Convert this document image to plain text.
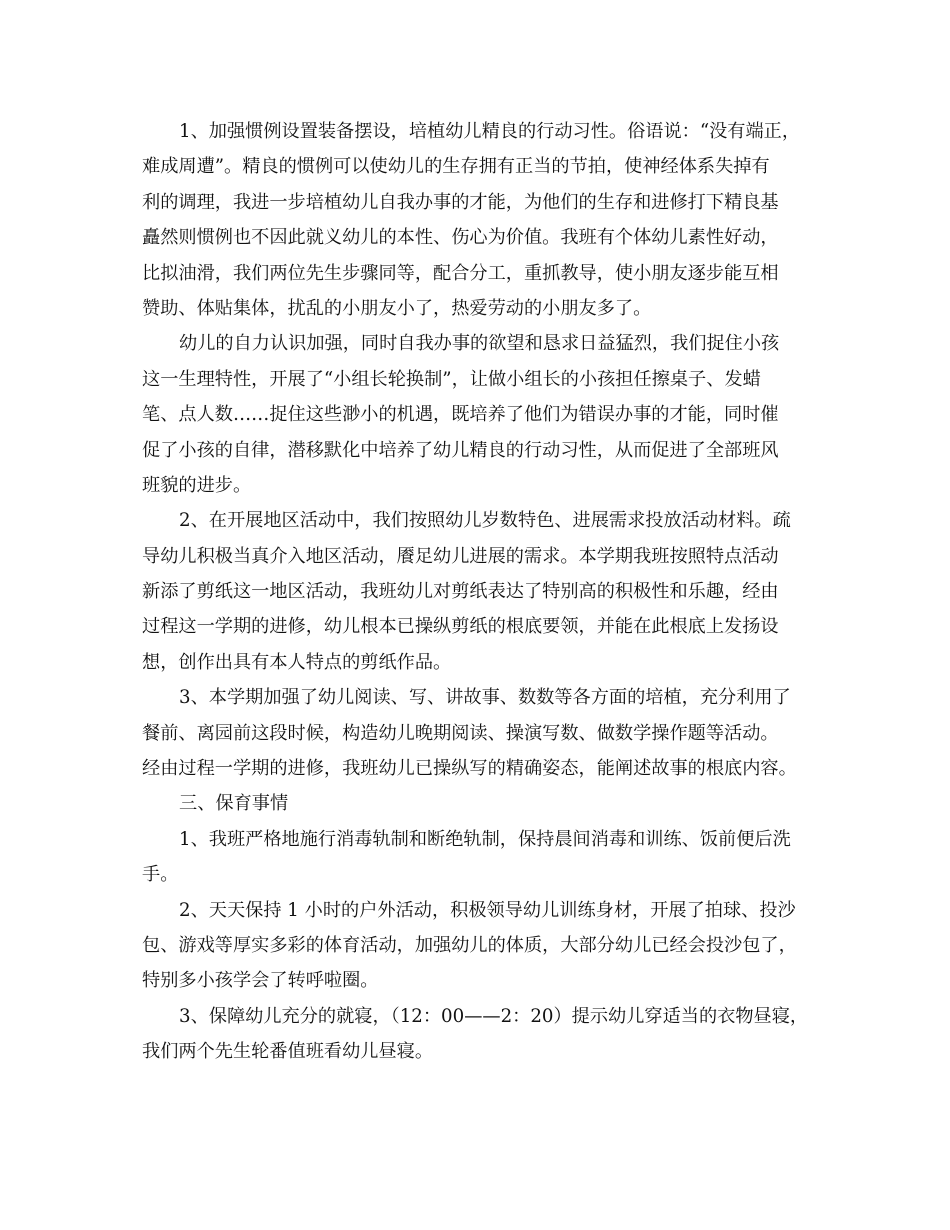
1、加强惯例设置装备摆设，培植幼儿精良的行动习性。俗语说：“没有端正，
难成周遭”。精良的惯例可以使幼儿的生存拥有正当的节拍，使神经体系失掉有
利的调理，我进一步培植幼儿自我办事的才能，为他们的生存和进修打下精良基
矗然则惯例也不因此就义幼儿的本性、伤心为价值。我班有个体幼儿素性好动，
比拟油滑，我们两位先生步骤同等，配合分工，重抓教导，使小朋友逐步能互相
赞助、体贴集体，扰乱的小朋友小了，热爱劳动的小朋友多了。
幼儿的自力认识加强，同时自我办事的欲望和恳求日益猛烈，我们捉住小孩
这一生理特性，开展了“小组长轮换制”，让做小组长的小孩担任擦桌子、发蜡
笔、点人数……捉住这些渺小的机遇，既培养了他们为错误办事的才能，同时催
促了小孩的自律，潜移默化中培养了幼儿精良的行动习性，从而促进了全部班风
班貌的进步。
2、在开展地区活动中，我们按照幼儿岁数特色、进展需求投放活动材料。疏
导幼儿积极当真介入地区活动，餍足幼儿进展的需求。本学期我班按照特点活动
新添了剪纸这一地区活动，我班幼儿对剪纸表达了特别高的积极性和乐趣，经由
过程这一学期的进修，幼儿根本已操纵剪纸的根底要领，并能在此根底上发扬设
想，创作出具有本人特点的剪纸作品。
3、本学期加强了幼儿阅读、写、讲故事、数数等各方面的培植，充分利用了
餐前、离园前这段时候，构造幼儿晚期阅读、操演写数、做数学操作题等活动。
经由过程一学期的进修，我班幼儿已操纵写的精确姿态，能阐述故事的根底内容。
三、保育事情
1、我班严格地施行消毒轨制和断绝轨制，保持晨间消毒和训练、饭前便后洗
手。
2、天天保持 1 小时的户外活动，积极领导幼儿训练身材，开展了拍球、投沙
包、游戏等厚实多彩的体育活动，加强幼儿的体质，大部分幼儿已经会投沙包了，
特别多小孩学会了转呼啦圈。
3、保障幼儿充分的就寝，（12：00——2：20）提示幼儿穿适当的衣物昼寝，
我们两个先生轮番值班看幼儿昼寝。
